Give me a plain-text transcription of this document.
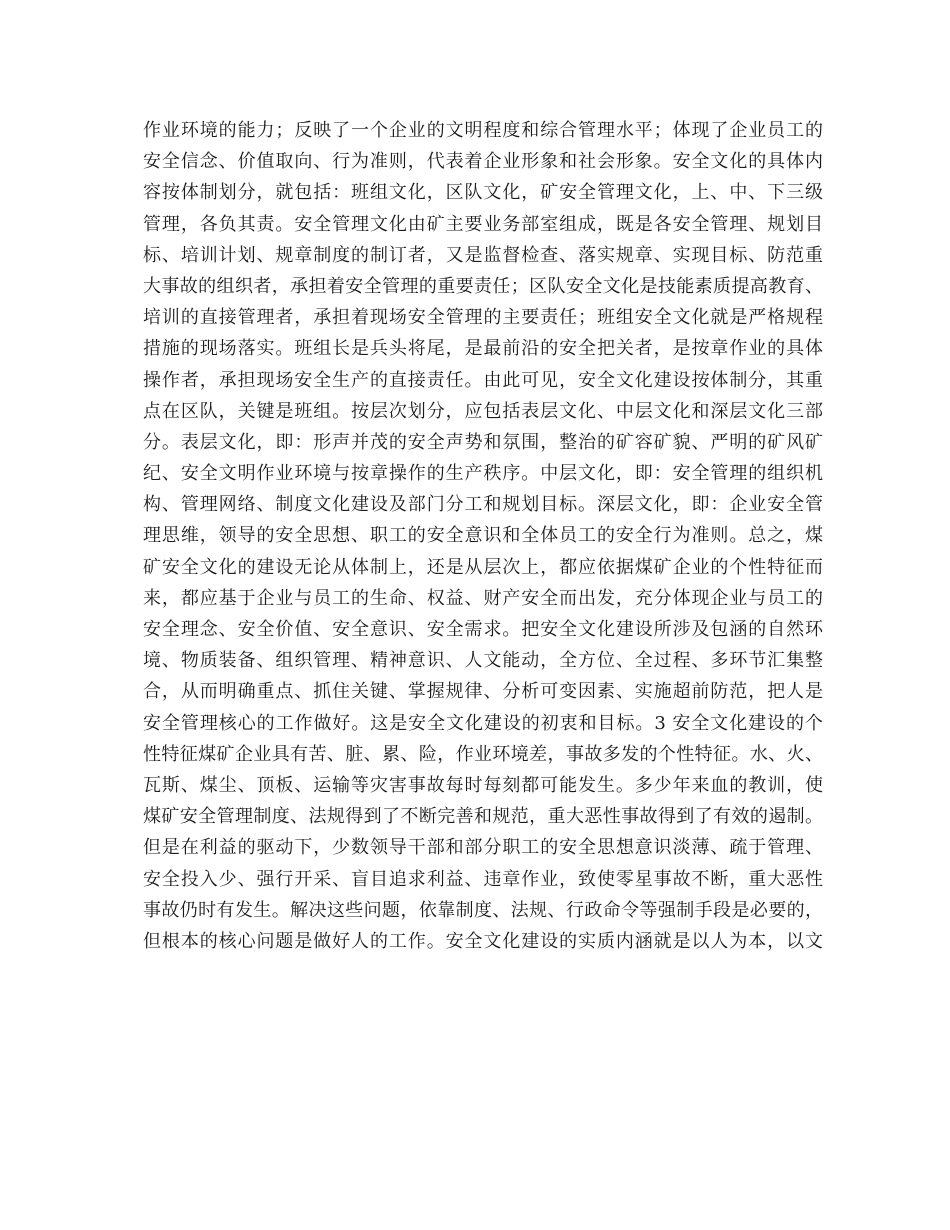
作业环境的能力；反映了一个企业的文明程度和综合管理水平；体现了企业员工的
安全信念、价值取向、行为准则，代表着企业形象和社会形象。安全文化的具体内
容按体制划分，就包括：班组文化，区队文化，矿安全管理文化，上、中、下三级
管理，各负其责。安全管理文化由矿主要业务部室组成，既是各安全管理、规划目
标、培训计划、规章制度的制订者，又是监督检查、落实规章、实现目标、防范重
大事故的组织者，承担着安全管理的重要责任；区队安全文化是技能素质提高教育、
培训的直接管理者，承担着现场安全管理的主要责任；班组安全文化就是严格规程
措施的现场落实。班组长是兵头将尾，是最前沿的安全把关者，是按章作业的具体
操作者，承担现场安全生产的直接责任。由此可见，安全文化建设按体制分，其重
点在区队，关键是班组。按层次划分，应包括表层文化、中层文化和深层文化三部
分。表层文化，即：形声并茂的安全声势和氛围，整治的矿容矿貌、严明的矿风矿
纪、安全文明作业环境与按章操作的生产秩序。中层文化，即：安全管理的组织机
构、管理网络、制度文化建设及部门分工和规划目标。深层文化，即：企业安全管
理思维，领导的安全思想、职工的安全意识和全体员工的安全行为准则。总之，煤
矿安全文化的建设无论从体制上，还是从层次上，都应依据煤矿企业的个性特征而
来，都应基于企业与员工的生命、权益、财产安全而出发，充分体现企业与员工的
安全理念、安全价值、安全意识、安全需求。把安全文化建设所涉及包涵的自然环
境、物质装备、组织管理、精神意识、人文能动，全方位、全过程、多环节汇集整
合，从而明确重点、抓住关键、掌握规律、分析可变因素、实施超前防范，把人是
安全管理核心的工作做好。这是安全文化建设的初衷和目标。3 安全文化建设的个
性特征煤矿企业具有苦、脏、累、险，作业环境差，事故多发的个性特征。水、火、
瓦斯、煤尘、顶板、运输等灾害事故每时每刻都可能发生。多少年来血的教训，使
煤矿安全管理制度、法规得到了不断完善和规范，重大恶性事故得到了有效的遏制。
但是在利益的驱动下，少数领导干部和部分职工的安全思想意识淡薄、疏于管理、
安全投入少、强行开采、盲目追求利益、违章作业，致使零星事故不断，重大恶性
事故仍时有发生。解决这些问题，依靠制度、法规、行政命令等强制手段是必要的，
但根本的核心问题是做好人的工作。安全文化建设的实质内涵就是以人为本，以文
